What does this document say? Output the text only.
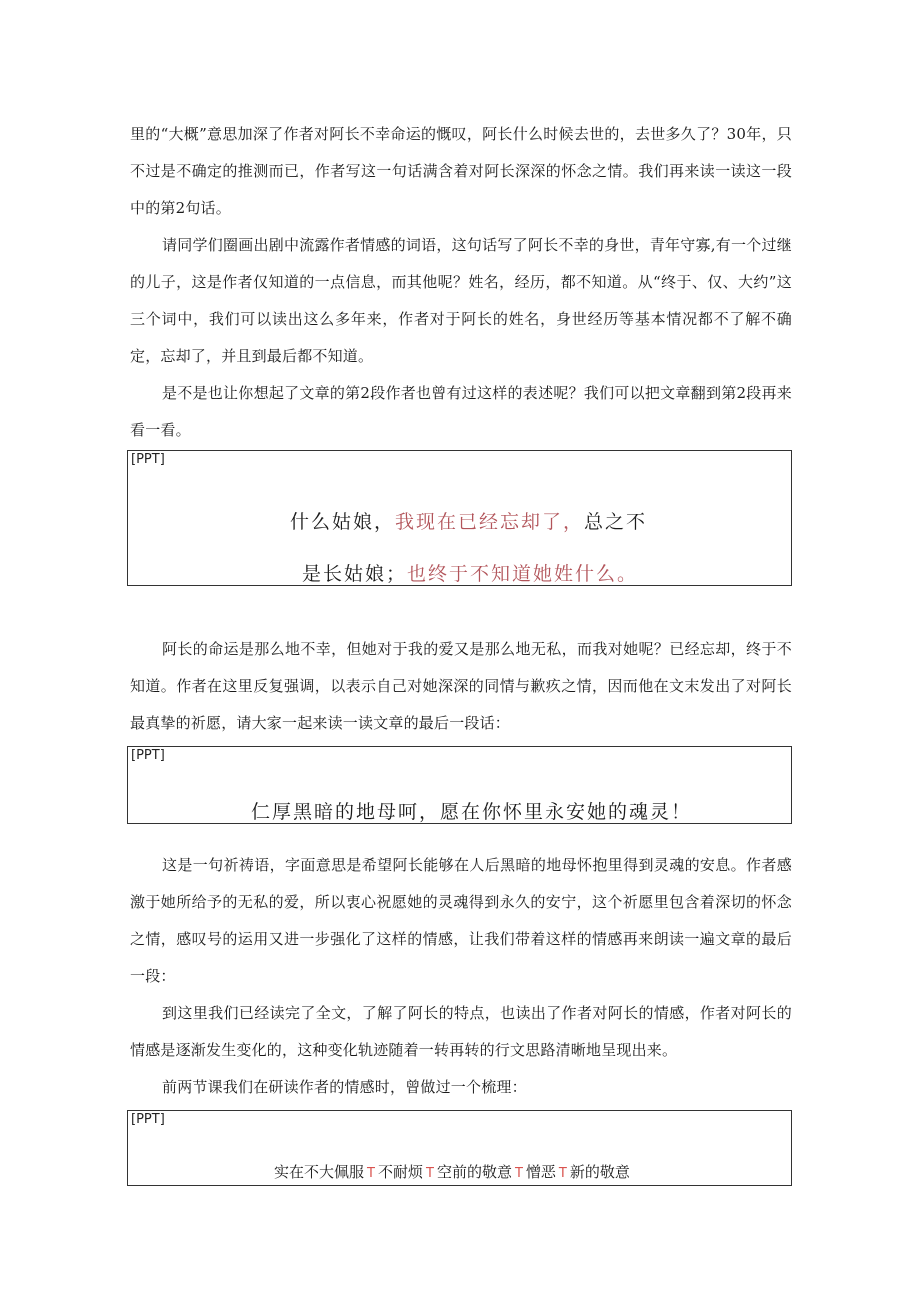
里的“大概”意思加深了作者对阿长不幸命运的慨叹，阿长什么时候去世的，去世多久了？30年，只不过是不确定的推测而已，作者写这一句话满含着对阿长深深的怀念之情。我们再来读一读这一段中的第2句话。

请同学们圈画出剧中流露作者情感的词语，这句话写了阿长不幸的身世，青年守寡,有一个过继的儿子，这是作者仅知道的一点信息，而其他呢？姓名，经历，都不知道。从“终于、仅、大约”这三个词中，我们可以读出这么多年来，作者对于阿长的姓名，身世经历等基本情况都不了解不确定，忘却了，并且到最后都不知道。

是不是也让你想起了文章的第2段作者也曾有过这样的表述呢？我们可以把文章翻到第2段再来看一看。

[PPT]
什么姑娘，我现在已经忘却了，总之不
是长姑娘；也终于不知道她姓什么。

阿长的命运是那么地不幸，但她对于我的爱又是那么地无私，而我对她呢？已经忘却，终于不知道。作者在这里反复强调，以表示自己对她深深的同情与歉疚之情，因而他在文末发出了对阿长最真挚的祈愿，请大家一起来读一读文章的最后一段话：

[PPT]
仁厚黑暗的地母呵，愿在你怀里永安她的魂灵！

这是一句祈祷语，字面意思是希望阿长能够在人后黑暗的地母怀抱里得到灵魂的安息。作者感激于她所给予的无私的爱，所以衷心祝愿她的灵魂得到永久的安宁，这个祈愿里包含着深切的怀念之情，感叹号的运用又进一步强化了这样的情感，让我们带着这样的情感再来朗读一遍文章的最后一段：

到这里我们已经读完了全文，了解了阿长的特点，也读出了作者对阿长的情感，作者对阿长的情感是逐渐发生变化的，这种变化轨迹随着一转再转的行文思路清晰地呈现出来。

前两节课我们在研读作者的情感时，曾做过一个梳理：

[PPT]
实在不大佩服 T 不耐烦 T 空前的敬意 T 憎恶 T 新的敬意
